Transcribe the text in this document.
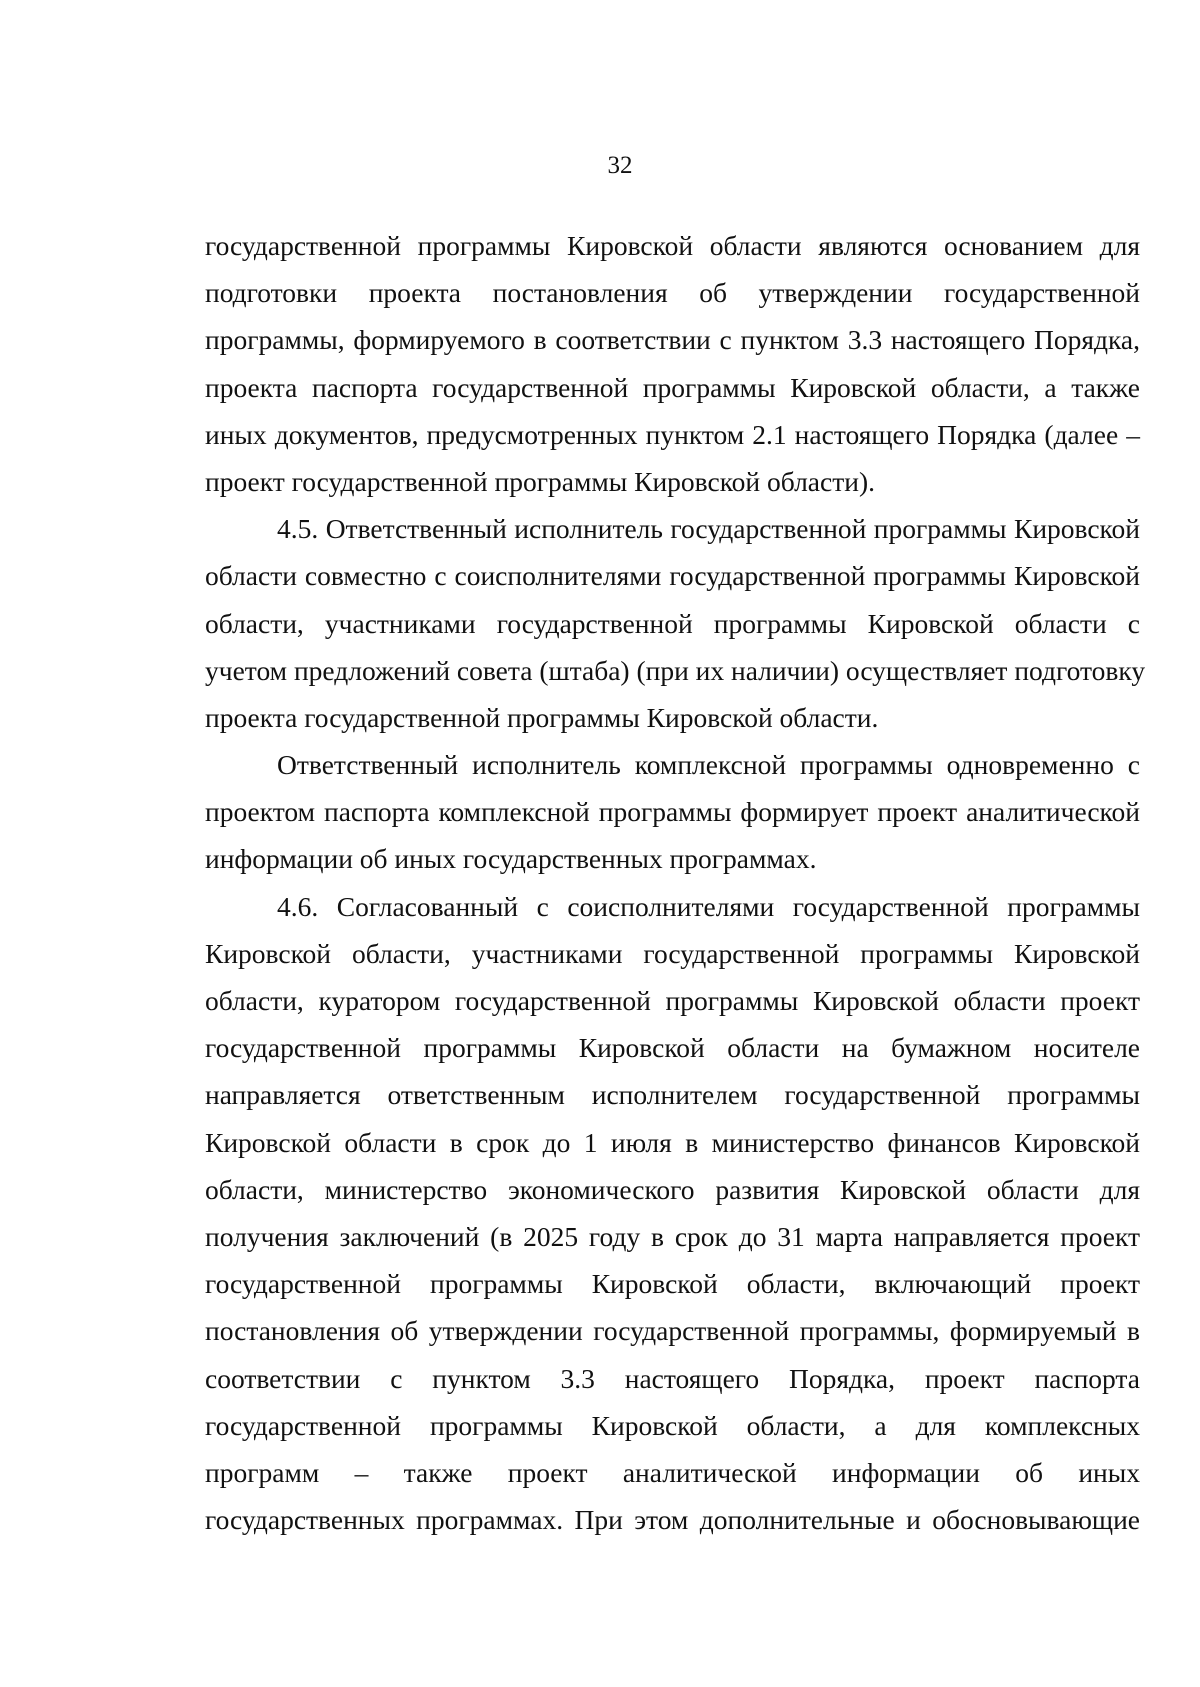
32
государственной программы Кировской области являются основанием для
подготовки проекта постановления об утверждении государственной
программы, формируемого в соответствии с пунктом 3.3 настоящего Порядка,
проекта паспорта государственной программы Кировской области, а также
иных документов, предусмотренных пунктом 2.1 настоящего Порядка (далее –
проект государственной программы Кировской области).
4.5. Ответственный исполнитель государственной программы Кировской
области совместно с соисполнителями государственной программы Кировской
области, участниками государственной программы Кировской области с
учетом предложений совета (штаба) (при их наличии) осуществляет подготовку
проекта государственной программы Кировской области.
Ответственный исполнитель комплексной программы одновременно с
проектом паспорта комплексной программы формирует проект аналитической
информации об иных государственных программах.
4.6. Согласованный с соисполнителями государственной программы
Кировской области, участниками государственной программы Кировской
области, куратором государственной программы Кировской области проект
государственной программы Кировской области на бумажном носителе
направляется ответственным исполнителем государственной программы
Кировской области в срок до 1 июля в министерство финансов Кировской
области, министерство экономического развития Кировской области для
получения заключений (в 2025 году в срок до 31 марта направляется проект
государственной программы Кировской области, включающий проект
постановления об утверждении государственной программы, формируемый в
соответствии с пунктом 3.3 настоящего Порядка, проект паспорта
государственной программы Кировской области, а для комплексных
программ – также проект аналитической информации об иных
государственных программах. При этом дополнительные и обосновывающие
